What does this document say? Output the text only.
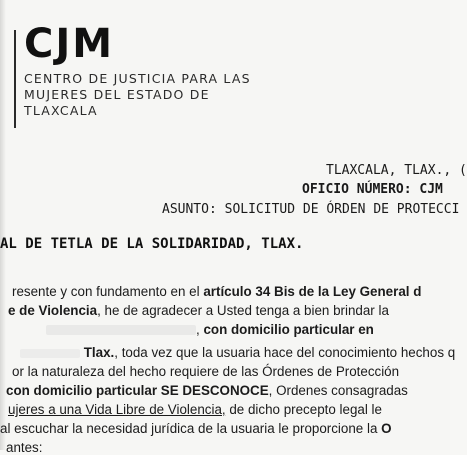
CJM
CENTRO DE JUSTICIA PARA LAS
MUJERES DEL ESTADO DE
TLAXCALA
TLAXCALA, TLAX., (
OFICIO NÚMERO: CJM
ASUNTO: SOLICITUD DE ÓRDEN DE PROTECCI
AL DE TETLA DE LA SOLIDARIDAD, TLAX.
resente y con fundamento en el artículo 34 Bis de la Ley General d
e de Violencia, he de agradecer a Usted tenga a bien brindar la
, con domicilio particular en
Tlax., toda vez que la usuaria hace del conocimiento hechos q
or la naturaleza del hecho requiere de las Órdenes de Protección
con domicilio particular SE DESCONOCE, Ordenes consagradas
ujeres a una Vida Libre de Violencia, de dicho precepto legal le
al escuchar la necesidad jurídica de la usuaria le proporcione la O
antes:
